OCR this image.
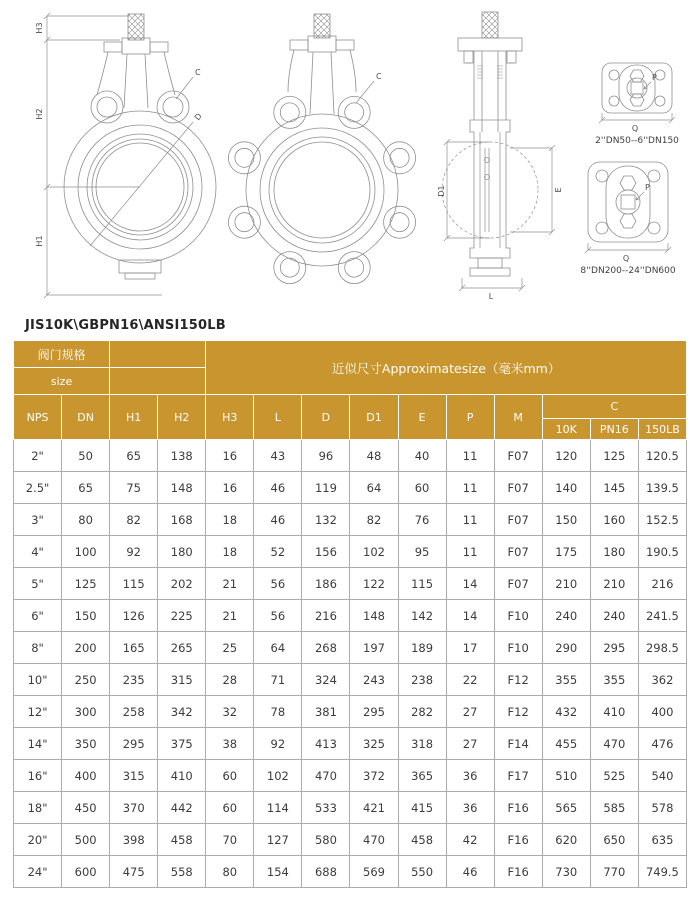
H3
H2
H1
D
C	C
D1	E
L
P
Q
2''DN50--6''DN150
P
Q
8''DN200--24''DN600
JIS10K\GBPN16\ANSI150LB
阀门规格				近似尺寸Approximatesize（毫米mm）									
size													
NPS	DN	H1	H2	H3	L	D	D1	E	P	M	C		
											10K	PN16	150LB
2"	50	65	138	16	43	96	48	40	11	F07	120	125	120.5
2.5"	65	75	148	16	46	119	64	60	11	F07	140	145	139.5
3"	80	82	168	18	46	132	82	76	11	F07	150	160	152.5
4"	100	92	180	18	52	156	102	95	11	F07	175	180	190.5
5"	125	115	202	21	56	186	122	115	14	F07	210	210	216
6"	150	126	225	21	56	216	148	142	14	F10	240	240	241.5
8"	200	165	265	25	64	268	197	189	17	F10	290	295	298.5
10"	250	235	315	28	71	324	243	238	22	F12	355	355	362
12"	300	258	342	32	78	381	295	282	27	F12	432	410	400
14"	350	295	375	38	92	413	325	318	27	F14	455	470	476
16"	400	315	410	60	102	470	372	365	36	F17	510	525	540
18"	450	370	442	60	114	533	421	415	36	F16	565	585	578
20"	500	398	458	70	127	580	470	458	42	F16	620	650	635
24"	600	475	558	80	154	688	569	550	46	F16	730	770	749.5
